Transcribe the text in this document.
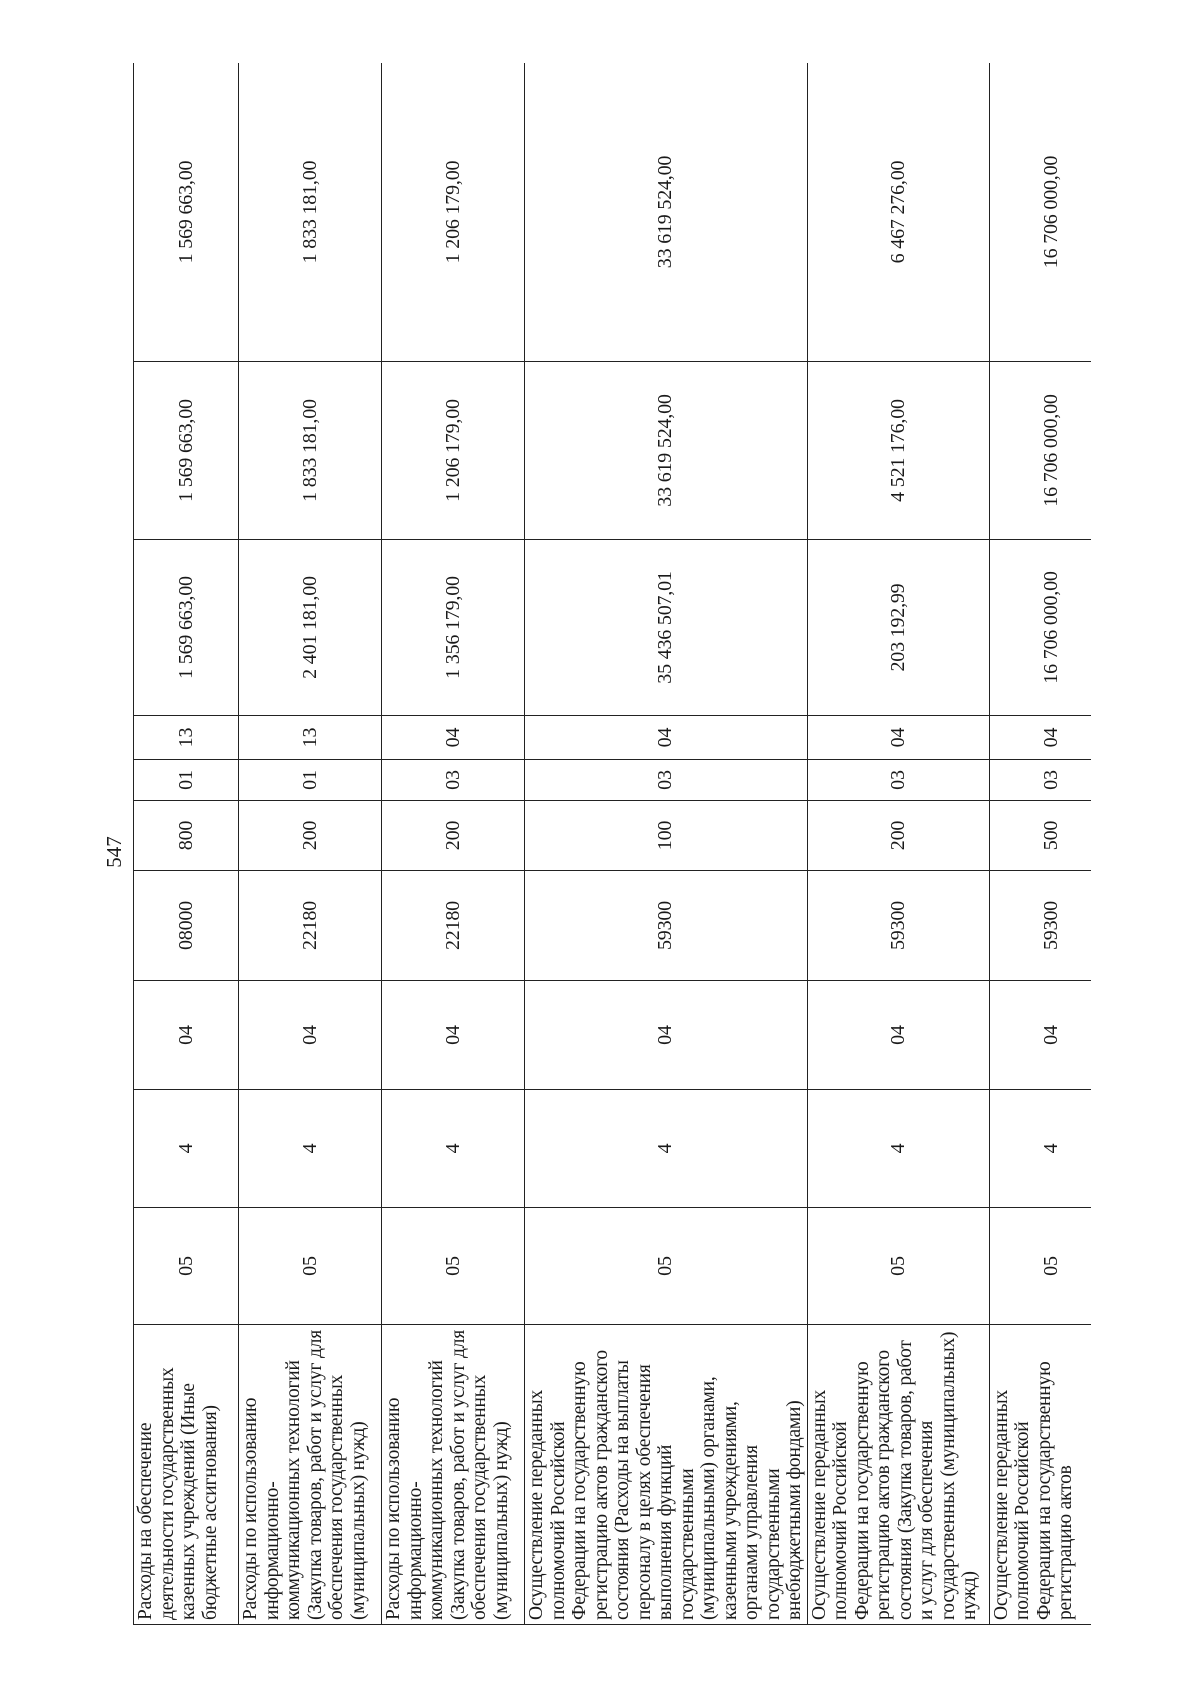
547
Расходы на обеспечение деятельности государственных казенных учреждений (Иные бюджетные ассигнования)	05	4	04	08000	800	01	13	1 569 663,00	1 569 663,00	1 569 663,00
Расходы по использованию информационно-коммуникационных технологий (Закупка товаров, работ и услуг для обеспечения государственных (муниципальных) нужд)	05	4	04	22180	200	01	13	2 401 181,00	1 833 181,00	1 833 181,00
Расходы по использованию информационно-коммуникационных технологий (Закупка товаров, работ и услуг для обеспечения государственных (муниципальных) нужд)	05	4	04	22180	200	03	04	1 356 179,00	1 206 179,00	1 206 179,00
Осуществление переданных полномочий Российской Федерации на государственную регистрацию актов гражданского состояния (Расходы на выплаты персоналу в целях обеспечения выполнения функций государственными (муниципальными) органами, казенными учреждениями, органами управления государственными внебюджетными фондами)	05	4	04	59300	100	03	04	35 436 507,01	33 619 524,00	33 619 524,00
Осуществление переданных полномочий Российской Федерации на государственную регистрацию актов гражданского состояния (Закупка товаров, работ и услуг для обеспечения государственных (муниципальных) нужд)	05	4	04	59300	200	03	04	203 192,99	4 521 176,00	6 467 276,00
Осуществление переданных полномочий Российской Федерации на государственную регистрацию актов	05	4	04	59300	500	03	04	16 706 000,00	16 706 000,00	16 706 000,00
